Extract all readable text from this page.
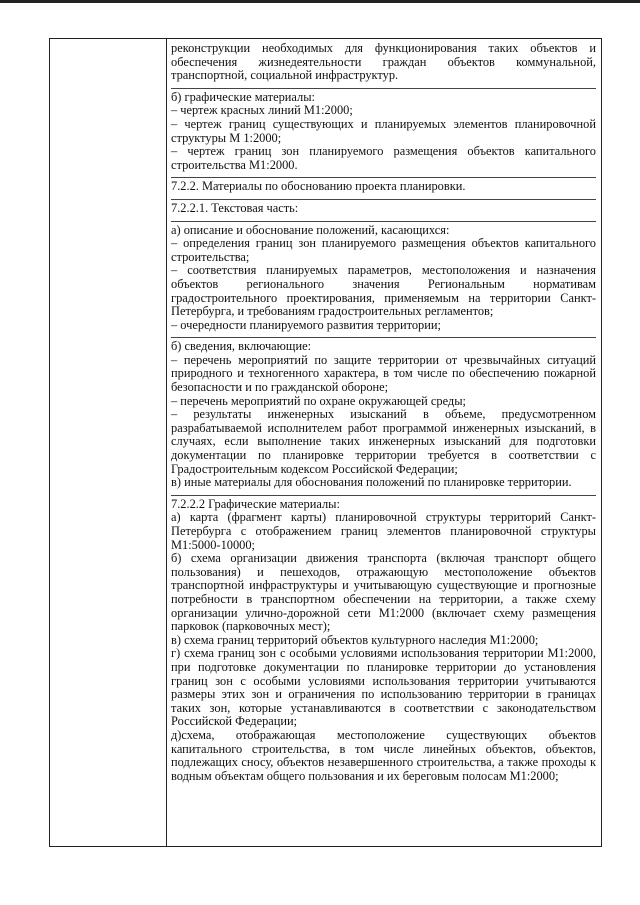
реконструкции необходимых для функционирования таких объектов и обеспечения жизнедеятельности граждан объектов коммунальной, транспортной, социальной инфраструктур.

б) графические материалы:

– чертеж красных линий М1:2000;

– чертеж границ существующих и планируемых элементов планировочной структуры М 1:2000;

– чертеж границ зон планируемого размещения объектов капитального строительства М1:2000.

7.2.2. Материалы по обоснованию проекта планировки.

7.2.2.1. Текстовая часть:

а) описание и обоснование положений, касающихся:

– определения границ зон планируемого размещения объектов капитального строительства;

– соответствия планируемых параметров, местоположения и назначения объектов регионального значения Региональным нормативам градостроительного проектирования, применяемым на территории Санкт-Петербурга, и требованиям градостроительных регламентов;

– очередности планируемого развития территории;

б) сведения, включающие:

– перечень мероприятий по защите территории от чрезвычайных ситуаций природного и техногенного характера, в том числе по обеспечению пожарной безопасности и по гражданской обороне;

– перечень мероприятий по охране окружающей среды;

– результаты инженерных изысканий в объеме, предусмотренном разрабатываемой исполнителем работ программой инженерных изысканий, в случаях, если выполнение таких инженерных изысканий для подготовки документации по планировке территории требуется в соответствии с Градостроительным кодексом Российской Федерации;

в) иные материалы для обоснования положений по планировке территории.

7.2.2.2 Графические материалы:

а) карта (фрагмент карты) планировочной структуры территорий Санкт-Петербурга с отображением границ элементов планировочной структуры М1:5000-10000;

б) схема организации движения транспорта (включая транспорт общего пользования) и пешеходов, отражающую местоположение объектов транспортной инфраструктуры и учитывающую существующие и прогнозные потребности в транспортном обеспечении на территории, а также схему организации улично-дорожной сети М1:2000 (включает схему размещения парковок (парковочных мест);

в) схема границ территорий объектов культурного наследия М1:2000;

г) схема границ зон с особыми условиями использования территории М1:2000, при подготовке документации по планировке территории до установления границ зон с особыми условиями использования территории учитываются размеры этих зон и ограничения по использованию территории в границах таких зон, которые устанавливаются в соответствии с законодательством Российской Федерации;

д)схема, отображающая местоположение существующих объектов капитального строительства, в том числе линейных объектов, объектов, подлежащих сносу, объектов незавершенного строительства, а также проходы к водным объектам общего пользования и их береговым полосам М1:2000;
